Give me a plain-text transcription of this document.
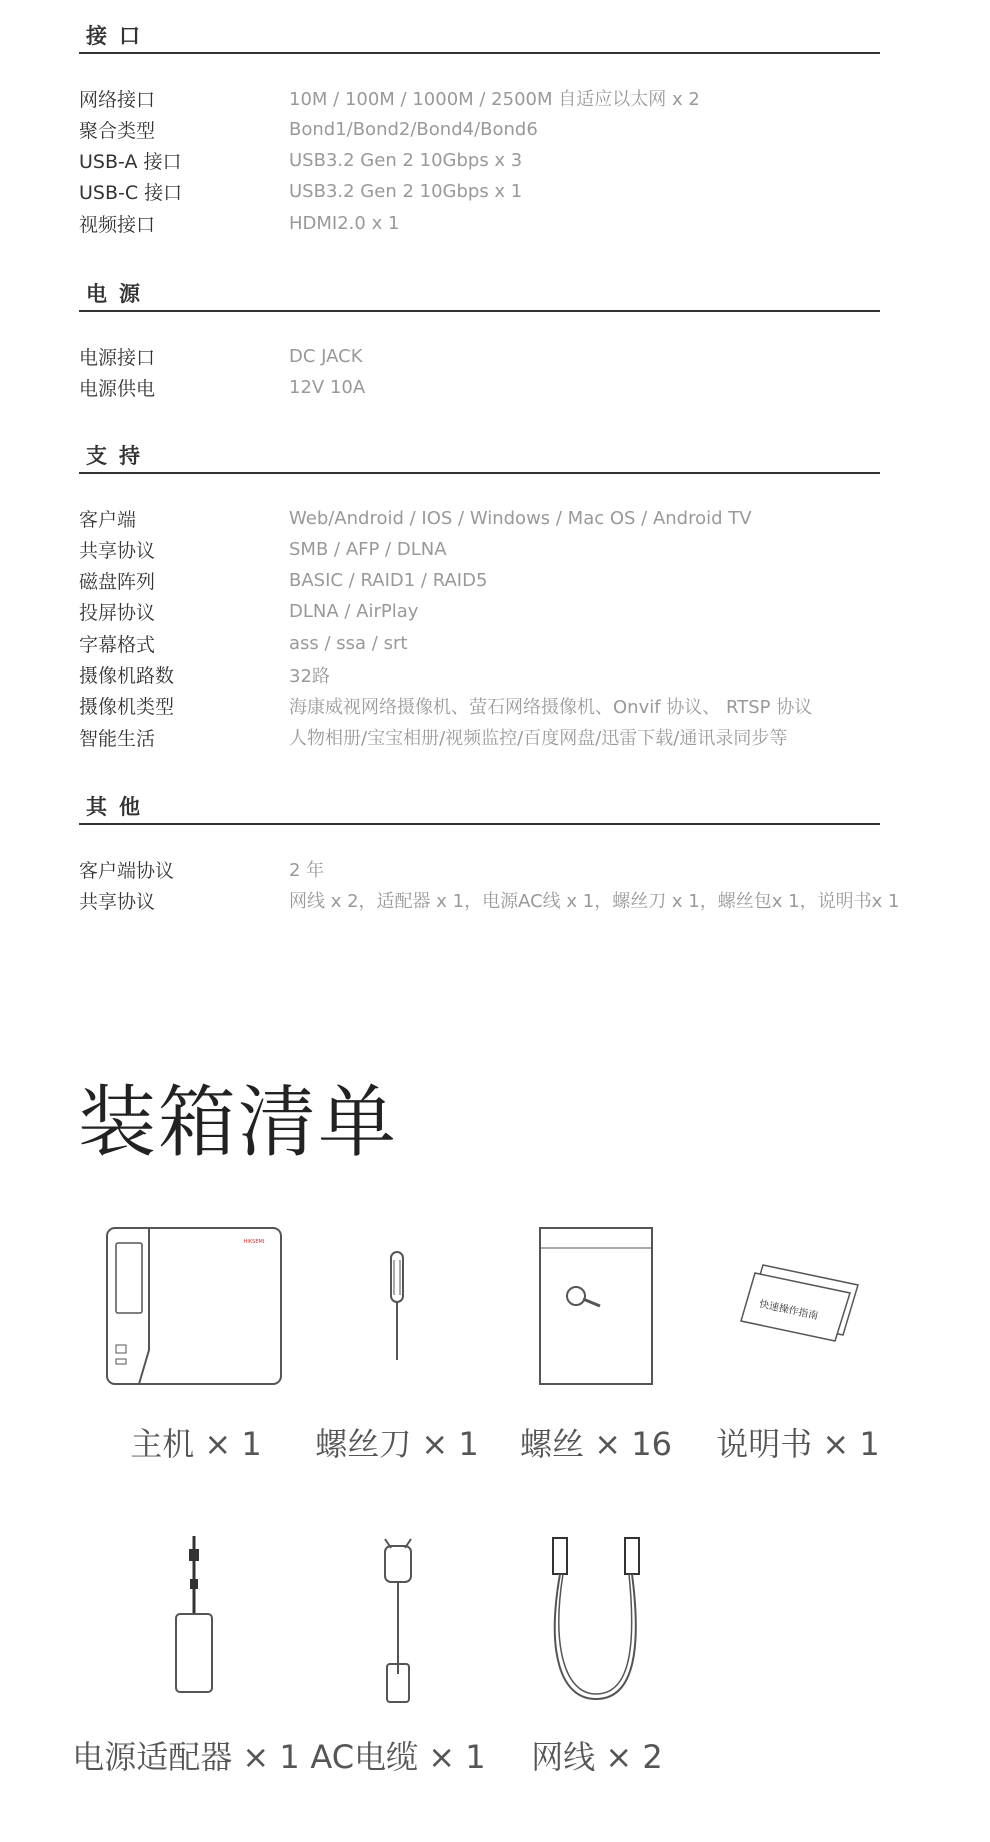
接口
网络接口	10M / 100M / 1000M / 2500M 自适应以太网 x 2
聚合类型	Bond1/Bond2/Bond4/Bond6
USB-A 接口	USB3.2 Gen 2 10Gbps x 3
USB-C 接口	USB3.2 Gen 2 10Gbps x 1
视频接口	HDMI2.0 x 1
电源
电源接口	DC JACK
电源供电	12V 10A
支持
客户端	Web/Android / IOS / Windows / Mac OS / Android TV
共享协议	SMB / AFP / DLNA
磁盘阵列	BASIC / RAID1 / RAID5
投屏协议	DLNA / AirPlay
字幕格式	ass / ssa / srt
摄像机路数	32路
摄像机类型	海康威视网络摄像机、萤石网络摄像机、Onvif 协议、 RTSP 协议
智能生活	人物相册/宝宝相册/视频监控/百度网盘/迅雷下载/通讯录同步等
其他
客户端协议	2 年
共享协议	网线 x 2，适配器 x 1，电源AC线 x 1，螺丝刀 x 1，螺丝包x 1，说明书x 1
装箱清单
HIKSEMI
快速操作指南
主机 × 1 螺丝刀 × 1 螺丝 × 16 说明书 × 1
电源适配器 × 1 AC电缆 × 1 网线 × 2
